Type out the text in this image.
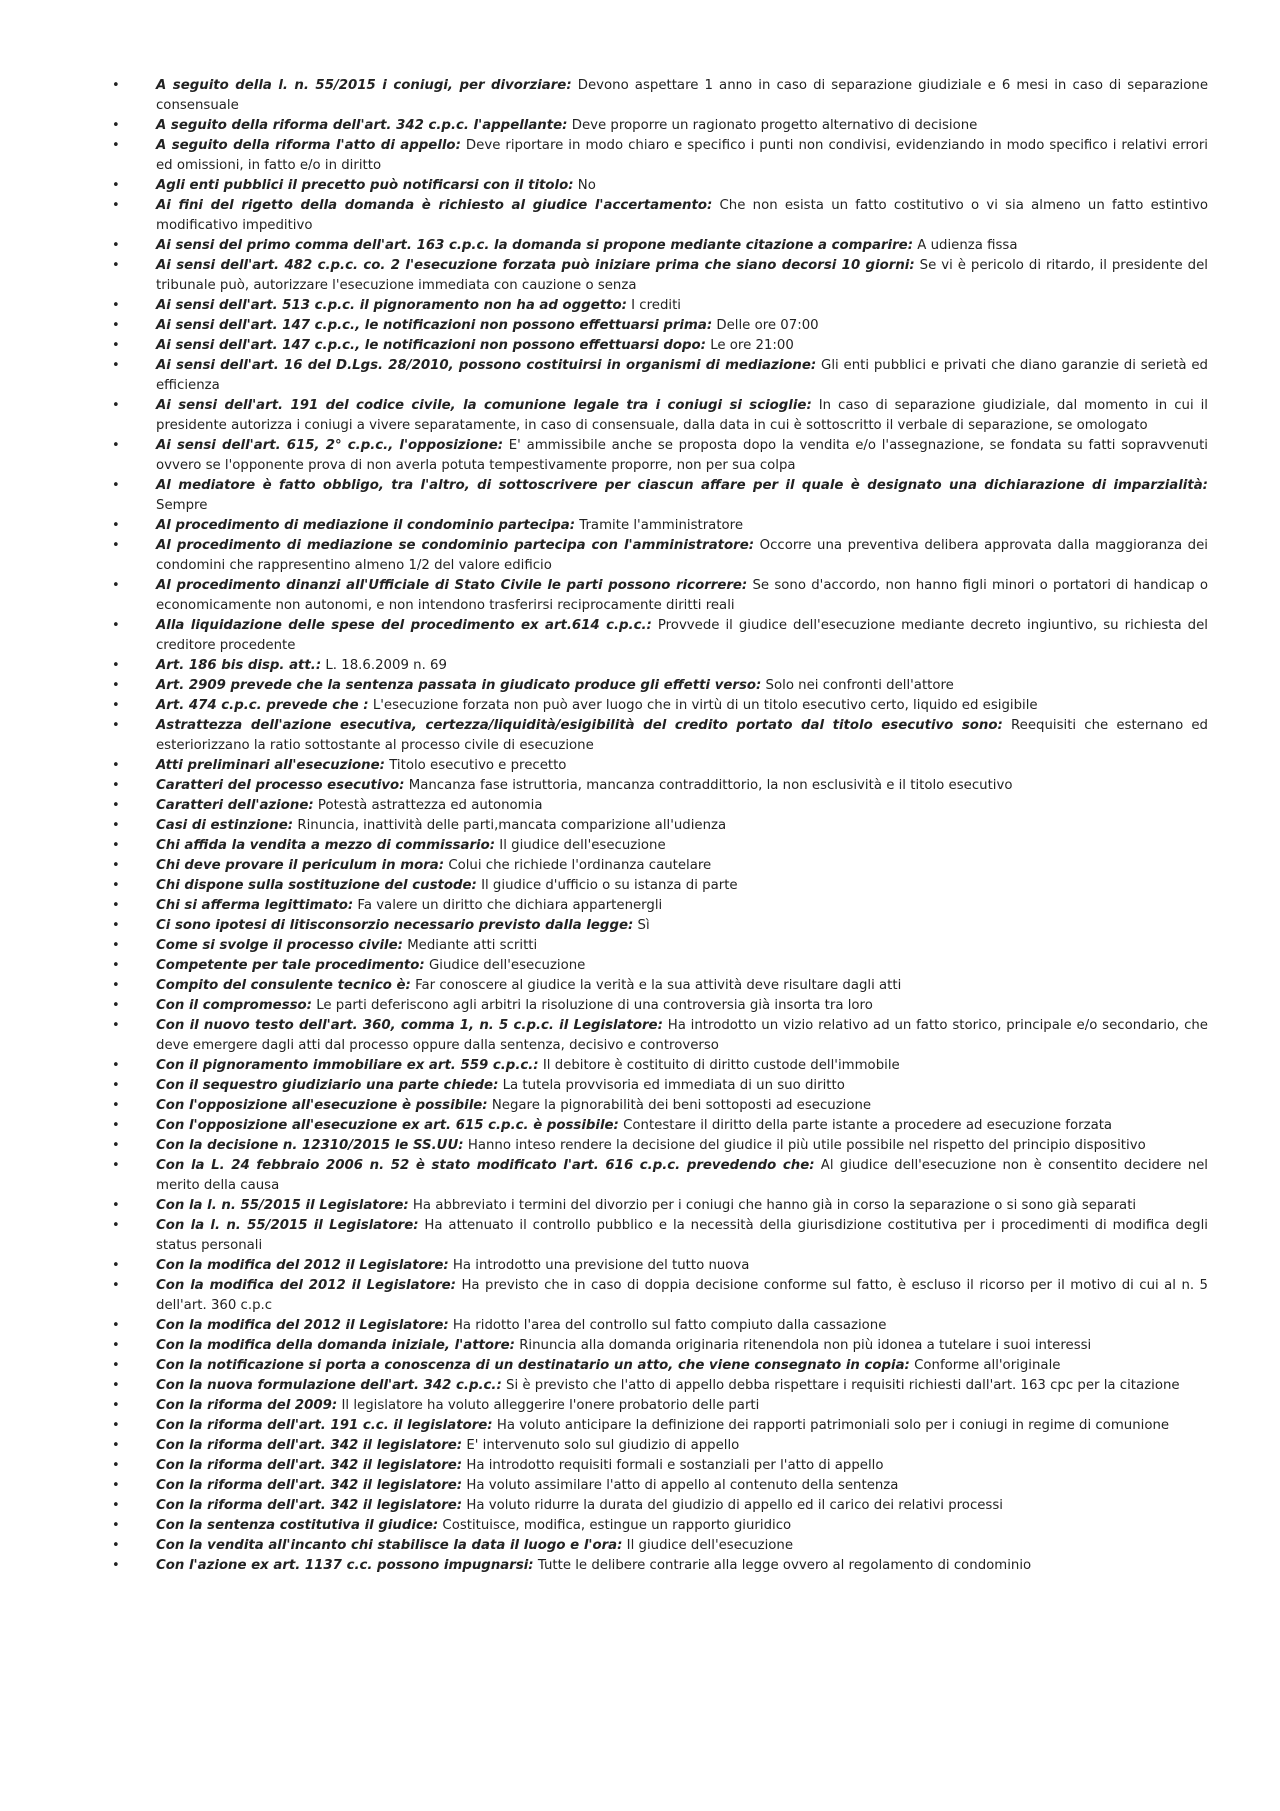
•	A seguito della l. n. 55/2015 i coniugi, per divorziare: Devono aspettare 1 anno in caso di separazione giudiziale e 6 mesi in caso di separazione consensuale
•	A seguito della riforma dell'art. 342 c.p.c. l'appellante: Deve proporre un ragionato progetto alternativo di decisione
•	A seguito della riforma l'atto di appello: Deve riportare in modo chiaro e specifico i punti non condivisi, evidenziando in modo specifico i relativi errori ed omissioni, in fatto e/o in diritto
•	Agli enti pubblici il precetto può notificarsi con il titolo: No
•	Ai fini del rigetto della domanda è richiesto al giudice l'accertamento: Che non esista un fatto costitutivo o vi sia almeno un fatto estintivo modificativo impeditivo
•	Ai sensi del primo comma dell'art. 163 c.p.c. la domanda si propone mediante citazione a comparire: A udienza fissa
•	Ai sensi dell'art. 482 c.p.c. co. 2 l'esecuzione forzata può iniziare prima che siano decorsi 10 giorni: Se vi è pericolo di ritardo, il presidente del tribunale può, autorizzare l'esecuzione immediata con cauzione o senza
•	Ai sensi dell'art. 513 c.p.c. il pignoramento non ha ad oggetto: I crediti
•	Ai sensi dell'art. 147 c.p.c., le notificazioni non possono effettuarsi prima: Delle ore 07:00
•	Ai sensi dell'art. 147 c.p.c., le notificazioni non possono effettuarsi dopo: Le ore 21:00
•	Ai sensi dell'art. 16 del D.Lgs. 28/2010, possono costituirsi in organismi di mediazione: Gli enti pubblici e privati che diano garanzie di serietà ed efficienza
•	Ai sensi dell'art. 191 del codice civile, la comunione legale tra i coniugi si scioglie: In caso di separazione giudiziale, dal momento in cui il presidente autorizza i coniugi a vivere separatamente, in caso di consensuale, dalla data in cui è sottoscritto il verbale di separazione, se omologato
•	Ai sensi dell'art. 615, 2° c.p.c., l'opposizione: E' ammissibile anche se proposta dopo la vendita e/o l'assegnazione, se fondata su fatti sopravvenuti ovvero se l'opponente prova di non averla potuta tempestivamente proporre, non per sua colpa
•	Al mediatore è fatto obbligo, tra l'altro, di sottoscrivere per ciascun affare per il quale è designato una dichiarazione di imparzialità: Sempre
•	Al procedimento di mediazione il condominio partecipa: Tramite l'amministratore
•	Al procedimento di mediazione se condominio partecipa con l'amministratore: Occorre una preventiva delibera approvata dalla maggioranza dei condomini che rappresentino almeno 1/2 del valore edificio
•	Al procedimento dinanzi all'Ufficiale di Stato Civile le parti possono ricorrere: Se sono d'accordo, non hanno figli minori o portatori di handicap o economicamente non autonomi, e non intendono trasferirsi reciprocamente diritti reali
•	Alla liquidazione delle spese del procedimento ex art.614 c.p.c.: Provvede il giudice dell'esecuzione mediante decreto ingiuntivo, su richiesta del creditore procedente
•	Art. 186 bis disp. att.: L. 18.6.2009 n. 69
•	Art. 2909 prevede che la sentenza passata in giudicato produce gli effetti verso: Solo nei confronti dell'attore
•	Art. 474 c.p.c. prevede che : L'esecuzione forzata non può aver luogo che in virtù di un titolo esecutivo certo, liquido ed esigibile
•	Astrattezza dell'azione esecutiva, certezza/liquidità/esigibilità del credito portato dal titolo esecutivo sono: Reequisiti che esternano ed esteriorizzano la ratio sottostante al processo civile di esecuzione
•	Atti preliminari all'esecuzione: Titolo esecutivo e precetto
•	Caratteri del processo esecutivo: Mancanza fase istruttoria, mancanza contraddittorio, la non esclusività e il titolo esecutivo
•	Caratteri dell'azione: Potestà astrattezza ed autonomia
•	Casi di estinzione: Rinuncia, inattività delle parti,mancata comparizione all'udienza
•	Chi affida la vendita a mezzo di commissario: Il giudice dell'esecuzione
•	Chi deve provare il periculum in mora: Colui che richiede l'ordinanza cautelare
•	Chi dispone sulla sostituzione del custode: Il giudice d'ufficio o su istanza di parte
•	Chi si afferma legittimato: Fa valere un diritto che dichiara appartenergli
•	Ci sono ipotesi di litisconsorzio necessario previsto dalla legge: Sì
•	Come si svolge il processo civile: Mediante atti scritti
•	Competente per tale procedimento: Giudice dell'esecuzione
•	Compito del consulente tecnico è: Far conoscere al giudice la verità e la sua attività deve risultare dagli atti
•	Con il compromesso: Le parti deferiscono agli arbitri la risoluzione di una controversia già insorta tra loro
•	Con il nuovo testo dell'art. 360, comma 1, n. 5 c.p.c. il Legislatore: Ha introdotto un vizio relativo ad un fatto storico, principale e/o secondario, che deve emergere dagli atti dal processo oppure dalla sentenza, decisivo e controverso
•	Con il pignoramento immobiliare ex art. 559 c.p.c.: Il debitore è costituito di diritto custode dell'immobile
•	Con il sequestro giudiziario una parte chiede: La tutela provvisoria ed immediata di un suo diritto
•	Con l'opposizione all'esecuzione è possibile: Negare la pignorabilità dei beni sottoposti ad esecuzione
•	Con l'opposizione all'esecuzione ex art. 615 c.p.c. è possibile: Contestare il diritto della parte istante a procedere ad esecuzione forzata
•	Con la decisione n. 12310/2015 le SS.UU: Hanno inteso rendere la decisione del giudice il più utile possibile nel rispetto del principio dispositivo
•	Con la L. 24 febbraio 2006 n. 52 è stato modificato l'art. 616 c.p.c. prevedendo che: Al giudice dell'esecuzione non è consentito decidere nel merito della causa
•	Con la l. n. 55/2015 il Legislatore: Ha abbreviato i termini del divorzio per i coniugi che hanno già in corso la separazione o si sono già separati
•	Con la l. n. 55/2015 il Legislatore: Ha attenuato il controllo pubblico e la necessità della giurisdizione costitutiva per i procedimenti di modifica degli status personali
•	Con la modifica del 2012 il Legislatore: Ha introdotto una previsione del tutto nuova
•	Con la modifica del 2012 il Legislatore: Ha previsto che in caso di doppia decisione conforme sul fatto, è escluso il ricorso per il motivo di cui al n. 5 dell'art. 360 c.p.c
•	Con la modifica del 2012 il Legislatore: Ha ridotto l'area del controllo sul fatto compiuto dalla cassazione
•	Con la modifica della domanda iniziale, l'attore: Rinuncia alla domanda originaria ritenendola non più idonea a tutelare i suoi interessi
•	Con la notificazione si porta a conoscenza di un destinatario un atto, che viene consegnato in copia: Conforme all'originale
•	Con la nuova formulazione dell'art. 342 c.p.c.: Si è previsto che l'atto di appello debba rispettare i requisiti richiesti dall'art. 163 cpc per la citazione
•	Con la riforma del 2009: Il legislatore ha voluto alleggerire l'onere probatorio delle parti
•	Con la riforma dell'art. 191 c.c. il legislatore: Ha voluto anticipare la definizione dei rapporti patrimoniali solo per i coniugi in regime di comunione
•	Con la riforma dell'art. 342 il legislatore: E' intervenuto solo sul giudizio di appello
•	Con la riforma dell'art. 342 il legislatore: Ha introdotto requisiti formali e sostanziali per l'atto di appello
•	Con la riforma dell'art. 342 il legislatore: Ha voluto assimilare l'atto di appello al contenuto della sentenza
•	Con la riforma dell'art. 342 il legislatore: Ha voluto ridurre la durata del giudizio di appello ed il carico dei relativi processi
•	Con la sentenza costitutiva il giudice: Costituisce, modifica, estingue un rapporto giuridico
•	Con la vendita all'incanto chi stabilisce la data il luogo e l'ora: Il giudice dell'esecuzione
•	Con l'azione ex art. 1137 c.c. possono impugnarsi: Tutte le delibere contrarie alla legge ovvero al regolamento di condominio
